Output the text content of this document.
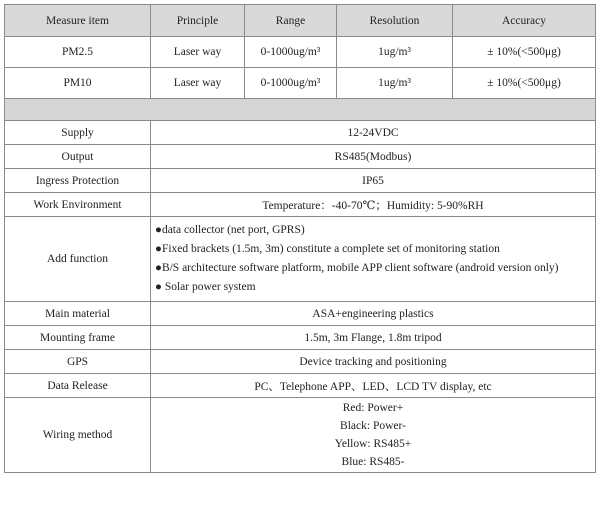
Measure item	Principle	Range	Resolution	Accuracy
PM2.5	Laser way	0-1000ug/m³	1ug/m³	± 10%(<500μg)
PM10	Laser way	0-1000ug/m³	1ug/m³	± 10%(<500μg)

Supply	12-24VDC			
Output	RS485(Modbus)			
Ingress Protection	IP65			
Work Environment	Temperature：-40-70℃；Humidity: 5-90%RH			
Add function	●data collector (net port, GPRS)
●Fixed brackets (1.5m, 3m) constitute a complete set of monitoring station
●B/S architecture software platform, mobile APP client software (android version only)
● Solar power system			

Main material	ASA+engineering plastics			
Mounting frame	1.5m, 3m Flange, 1.8m tripod			
GPS	Device tracking and positioning			
Data Release	PC、Telephone APP、LED、LCD TV display, etc			
Wiring method	Red: Power+
Black: Power-
Yellow: RS485+
Blue: RS485-			
